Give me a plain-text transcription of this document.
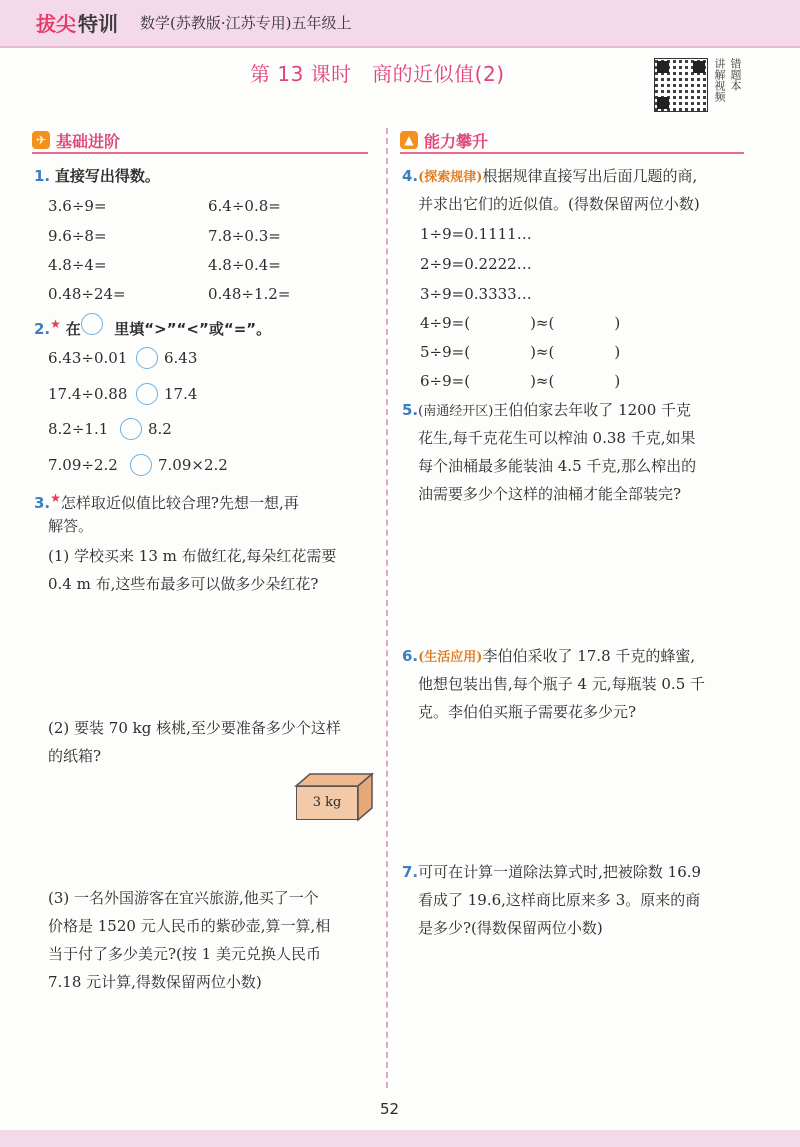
拔尖 特训 数学(苏教版·江苏专用)五年级上
第 13 课时　商的近似值(2)	讲解视频 错题本
✈ 基础进阶	▲ 能力攀升
1. 直接写出得数。
3.6÷9=	6.4÷0.8=
9.6÷8=	7.8÷0.3=
4.8÷4=	4.8÷0.4=
0.48÷24=	0.48÷1.2=
2.★ 在 里填“>”“<”或“=”。
6.43÷0.01 6.43
17.4÷0.88 17.4
8.2÷1.1	8.2
7.09÷2.2	7.09×2.2
3.★怎样取近似值比较合理?先想一想,再
解答。
(1) 学校买来 13 m 布做红花,每朵红花需要
0.4 m 布,这些布最多可以做多少朵红花?
(2) 要装 70 kg 核桃,至少要准备多少个这样
的纸箱?
3 kg
(3) 一名外国游客在宜兴旅游,他买了一个
价格是 1520 元人民币的紫砂壶,算一算,相
当于付了多少美元?(按 1 美元兑换人民币
7.18 元计算,得数保留两位小数)
4.(探索规律)根据规律直接写出后面几题的商,
并求出它们的近似值。(得数保留两位小数)
1÷9=0.1111…
2÷9=0.2222…
3÷9=0.3333…
4÷9=(　　　　)≈(　　　　)
5÷9=(　　　　)≈(　　　　)
6÷9=(　　　　)≈(　　　　)
5.(南通经开区)王伯伯家去年收了 1200 千克
花生,每千克花生可以榨油 0.38 千克,如果
每个油桶最多能装油 4.5 千克,那么榨出的
油需要多少个这样的油桶才能全部装完?
6.(生活应用)李伯伯采收了 17.8 千克的蜂蜜,
他想包装出售,每个瓶子 4 元,每瓶装 0.5 千
克。李伯伯买瓶子需要花多少元?
7.可可在计算一道除法算式时,把被除数 16.9
看成了 19.6,这样商比原来多 3。原来的商
是多少?(得数保留两位小数)
52
